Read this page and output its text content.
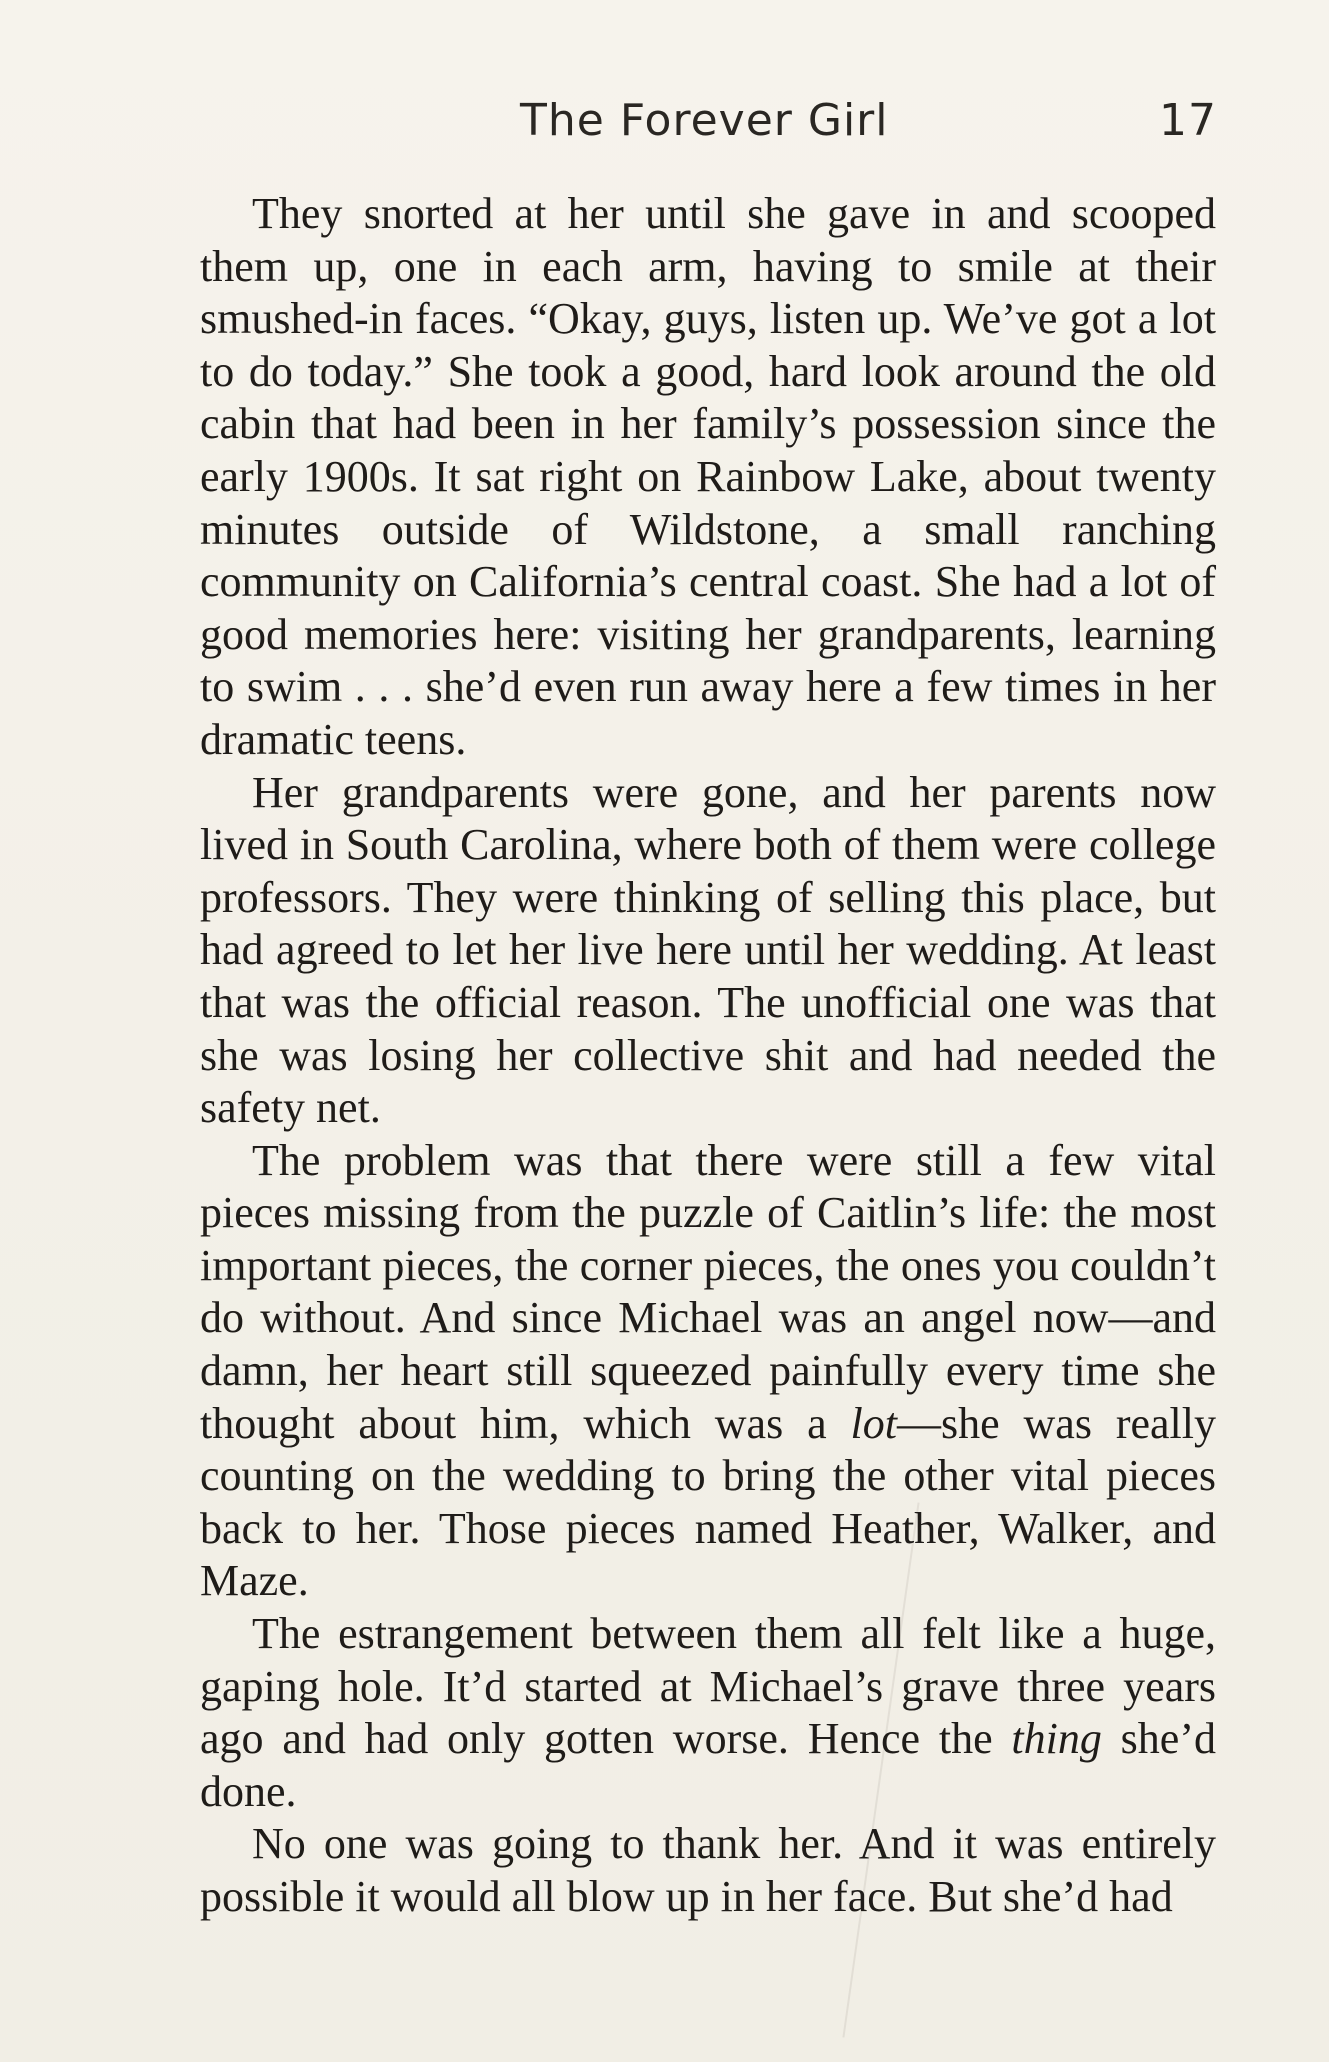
The Forever Girl	17

They snorted at her until she gave in and scooped them up, one in each arm, having to smile at their smushed-in faces. “Okay, guys, listen up. We’ve got a lot to do today.” She took a good, hard look around the old cabin that had been in her family’s possession since the early 1900s. It sat right on Rainbow Lake, about twenty minutes outside of Wildstone, a small ranching community on California’s central coast. She had a lot of good memories here: visiting her grandparents, learning to swim . . . she’d even run away here a few times in her dramatic teens.

Her grandparents were gone, and her parents now lived in South Carolina, where both of them were college professors. They were thinking of selling this place, but had agreed to let her live here until her wedding. At least that was the official reason. The unofficial one was that she was losing her collective shit and had needed the safety net.

The problem was that there were still a few vital pieces missing from the puzzle of Caitlin’s life: the most important pieces, the corner pieces, the ones you couldn’t do without. And since Michael was an angel now—and damn, her heart still squeezed painfully every time she thought about him, which was a lot—she was really counting on the wedding to bring the other vital pieces back to her. Those pieces named Heather, Walker, and Maze.

The estrangement between them all felt like a huge, gaping hole. It’d started at Michael’s grave three years ago and had only gotten worse. Hence the thing she’d done.

No one was going to thank her. And it was entirely possible it would all blow up in her face. But she’d had
